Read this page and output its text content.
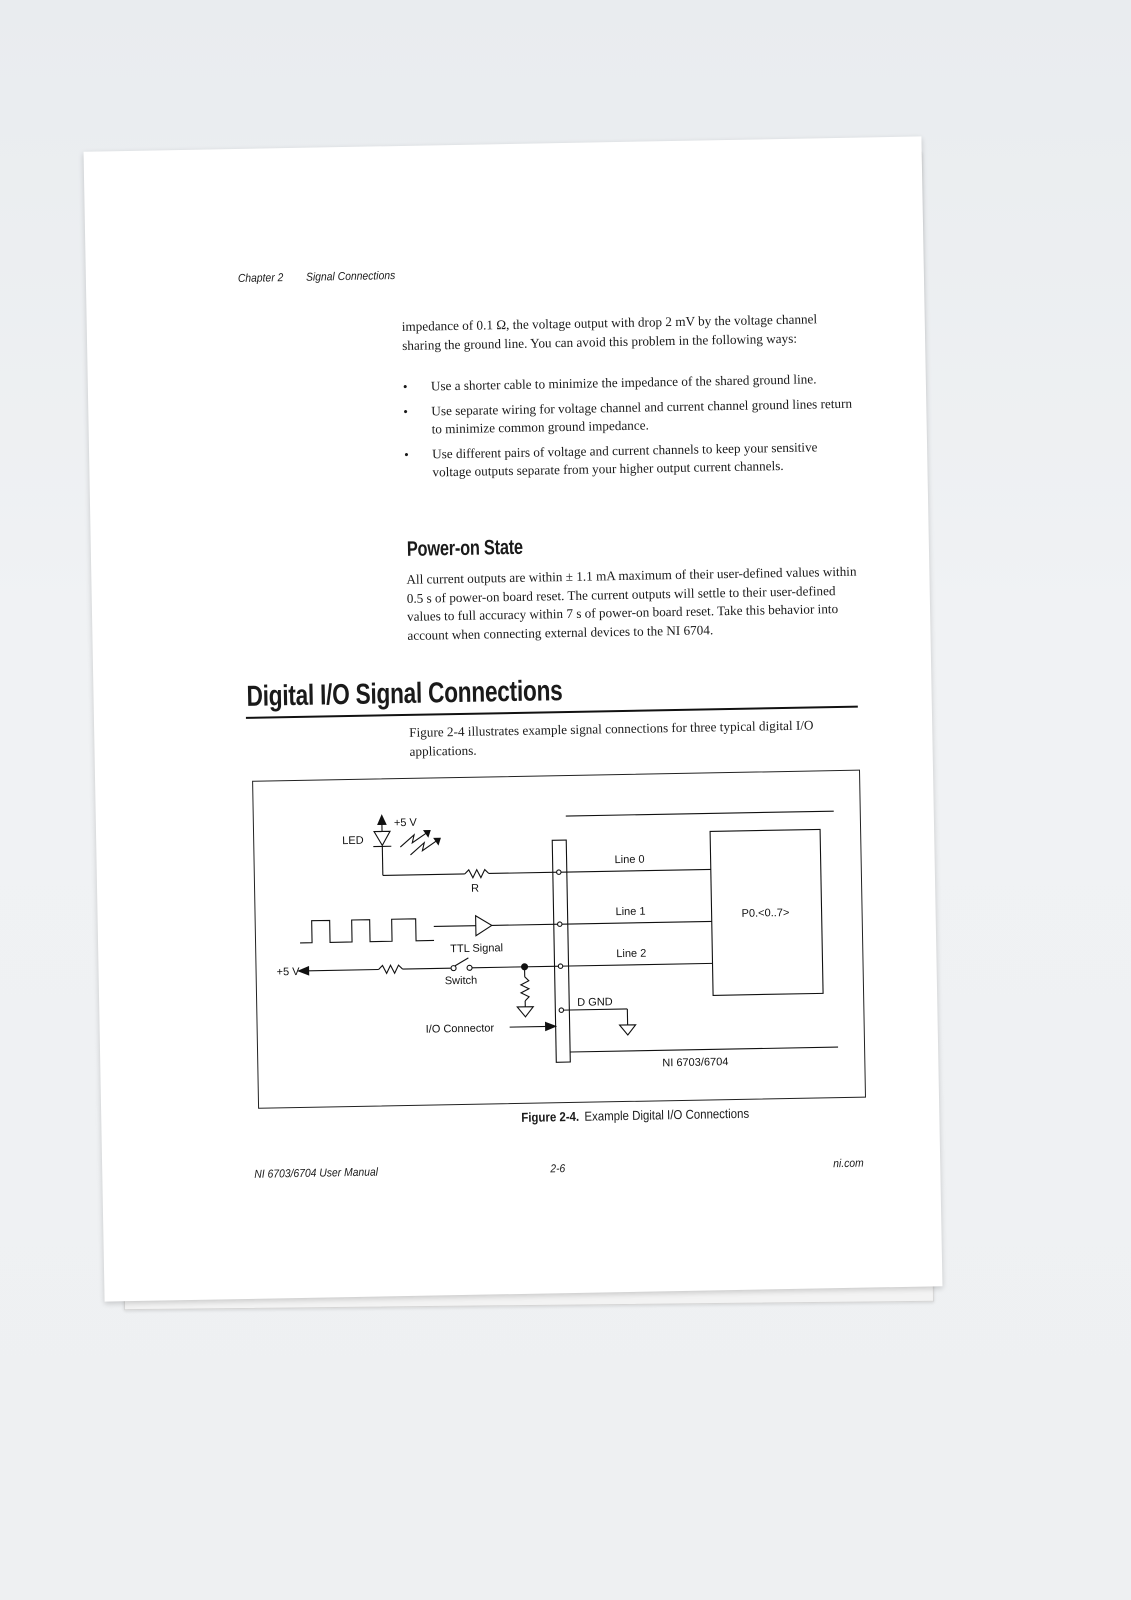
Chapter 2 Signal Connections

impedance of 0.1 Ω, the voltage output with drop 2 mV by the voltage channel sharing the ground line. You can avoid this problem in the following ways:

• Use a shorter cable to minimize the impedance of the shared ground line.
• Use separate wiring for voltage channel and current channel ground lines return to minimize common ground impedance.
• Use different pairs of voltage and current channels to keep your sensitive voltage outputs separate from your higher output current channels.
Power-on State

All current outputs are within ± 1.1 mA maximum of their user-defined values within 0.5 s of power-on board reset. The current outputs will settle to their user-defined values to full accuracy within 7 s of power-on board reset. Take this behavior into account when connecting external devices to the NI 6704.

Digital I/O Signal Connections

Figure 2-4 illustrates example signal connections for three typical digital I/O applications.

+5 V
LED
R
Line 0
Line 1
Line 2
P0.<0..7>
TTL Signal
+5 V
Switch
D GND
I/O Connector
NI 6703/6704
Figure 2-4. Example Digital I/O Connections
NI 6703/6704 User Manual	2-6	ni.com
